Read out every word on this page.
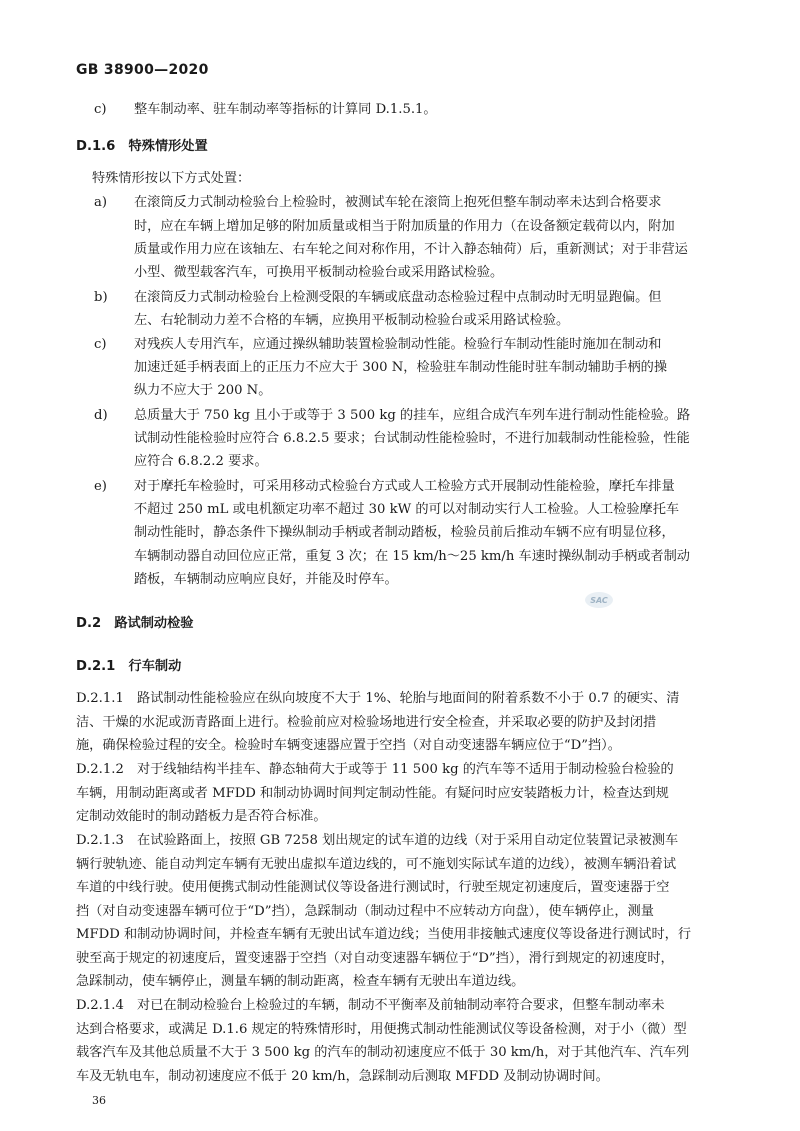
GB 38900—2020
c) 整车制动率、驻车制动率等指标的计算同 D.1.5.1。
D.1.6　特殊情形处置
特殊情形按以下方式处置：
a) 在滚筒反力式制动检验台上检验时，被测试车轮在滚筒上抱死但整车制动率未达到合格要求
时，应在车辆上增加足够的附加质量或相当于附加质量的作用力（在设备额定载荷以内，附加
质量或作用力应在该轴左、右车轮之间对称作用，不计入静态轴荷）后，重新测试；对于非营运
小型、微型载客汽车，可换用平板制动检验台或采用路试检验。
b) 在滚筒反力式制动检验台上检测受限的车辆或底盘动态检验过程中点制动时无明显跑偏。但
左、右轮制动力差不合格的车辆，应换用平板制动检验台或采用路试检验。
c) 对残疾人专用汽车，应通过操纵辅助装置检验制动性能。检验行车制动性能时施加在制动和
加速迁延手柄表面上的正压力不应大于 300 N，检验驻车制动性能时驻车制动辅助手柄的操
纵力不应大于 200 N。
d) 总质量大于 750 kg 且小于或等于 3 500 kg 的挂车，应组合成汽车列车进行制动性能检验。路
试制动性能检验时应符合 6.8.2.5 要求；台试制动性能检验时，不进行加载制动性能检验，性能
应符合 6.8.2.2 要求。
e) 对于摩托车检验时，可采用移动式检验台方式或人工检验方式开展制动性能检验，摩托车排量
不超过 250 mL 或电机额定功率不超过 30 kW 的可以对制动实行人工检验。人工检验摩托车
制动性能时，静态条件下操纵制动手柄或者制动踏板，检验员前后推动车辆不应有明显位移，
车辆制动器自动回位应正常，重复 3 次；在 15 km/h～25 km/h 车速时操纵制动手柄或者制动
踏板，车辆制动应响应良好，并能及时停车。
SAC
D.2　路试制动检验
D.2.1　行车制动
D.2.1.1　路试制动性能检验应在纵向坡度不大于 1%、轮胎与地面间的附着系数不小于 0.7 的硬实、清
洁、干燥的水泥或沥青路面上进行。检验前应对检验场地进行安全检查，并采取必要的防护及封闭措
施，确保检验过程的安全。检验时车辆变速器应置于空挡（对自动变速器车辆应位于“D”挡）。
D.2.1.2　对于线轴结构半挂车、静态轴荷大于或等于 11 500 kg 的汽车等不适用于制动检验台检验的
车辆，用制动距离或者 MFDD 和制动协调时间判定制动性能。有疑问时应安装踏板力计，检查达到规
定制动效能时的制动踏板力是否符合标准。
D.2.1.3　在试验路面上，按照 GB 7258 划出规定的试车道的边线（对于采用自动定位装置记录被测车
辆行驶轨迹、能自动判定车辆有无驶出虚拟车道边线的，可不施划实际试车道的边线），被测车辆沿着试
车道的中线行驶。使用便携式制动性能测试仪等设备进行测试时，行驶至规定初速度后，置变速器于空
挡（对自动变速器车辆可位于“D”挡），急踩制动（制动过程中不应转动方向盘），使车辆停止，测量
MFDD 和制动协调时间，并检查车辆有无驶出试车道边线；当使用非接触式速度仪等设备进行测试时，行
驶至高于规定的初速度后，置变速器于空挡（对自动变速器车辆位于“D”挡），滑行到规定的初速度时，
急踩制动，使车辆停止，测量车辆的制动距离，检查车辆有无驶出车道边线。
D.2.1.4　对已在制动检验台上检验过的车辆，制动不平衡率及前轴制动率符合要求，但整车制动率未
达到合格要求，或满足 D.1.6 规定的特殊情形时，用便携式制动性能测试仪等设备检测，对于小（微）型
载客汽车及其他总质量不大于 3 500 kg 的汽车的制动初速度应不低于 30 km/h，对于其他汽车、汽车列
车及无轨电车，制动初速度应不低于 20 km/h，急踩制动后测取 MFDD 及制动协调时间。
36
